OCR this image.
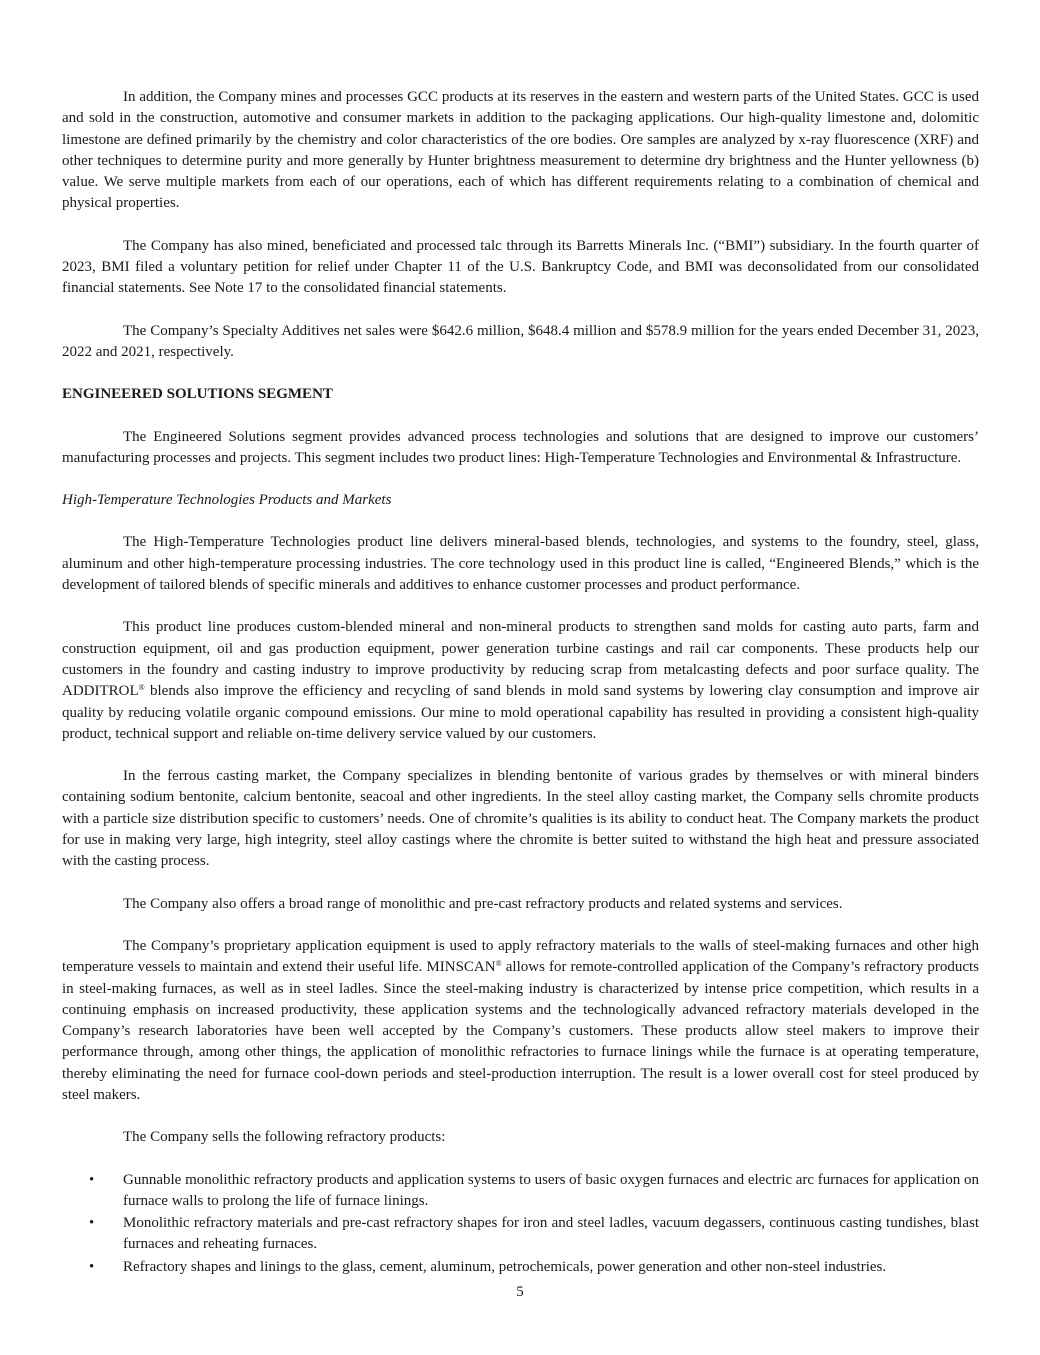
In addition, the Company mines and processes GCC products at its reserves in the eastern and western parts of the United States. GCC is used and sold in the construction, automotive and consumer markets in addition to the packaging applications. Our high-quality limestone and, dolomitic limestone are defined primarily by the chemistry and color characteristics of the ore bodies. Ore samples are analyzed by x-ray fluorescence (XRF) and other techniques to determine purity and more generally by Hunter brightness measurement to determine dry brightness and the Hunter yellowness (b) value. We serve multiple markets from each of our operations, each of which has different requirements relating to a combination of chemical and physical properties.

The Company has also mined, beneficiated and processed talc through its Barretts Minerals Inc. (“BMI”) subsidiary. In the fourth quarter of 2023, BMI filed a voluntary petition for relief under Chapter 11 of the U.S. Bankruptcy Code, and BMI was deconsolidated from our consolidated financial statements. See Note 17 to the consolidated financial statements.

The Company’s Specialty Additives net sales were $642.6 million, $648.4 million and $578.9 million for the years ended December 31, 2023, 2022 and 2021, respectively.

ENGINEERED SOLUTIONS SEGMENT

The Engineered Solutions segment provides advanced process technologies and solutions that are designed to improve our customers’ manufacturing processes and projects. This segment includes two product lines: High-Temperature Technologies and Environmental & Infrastructure.

High-Temperature Technologies Products and Markets

The High-Temperature Technologies product line delivers mineral-based blends, technologies, and systems to the foundry, steel, glass, aluminum and other high-temperature processing industries. The core technology used in this product line is called, “Engineered Blends,” which is the development of tailored blends of specific minerals and additives to enhance customer processes and product performance.

This product line produces custom-blended mineral and non-mineral products to strengthen sand molds for casting auto parts, farm and construction equipment, oil and gas production equipment, power generation turbine castings and rail car components. These products help our customers in the foundry and casting industry to improve productivity by reducing scrap from metalcasting defects and poor surface quality. The ADDITROL® blends also improve the efficiency and recycling of sand blends in mold sand systems by lowering clay consumption and improve air quality by reducing volatile organic compound emissions. Our mine to mold operational capability has resulted in providing a consistent high-quality product, technical support and reliable on-time delivery service valued by our customers.

In the ferrous casting market, the Company specializes in blending bentonite of various grades by themselves or with mineral binders containing sodium bentonite, calcium bentonite, seacoal and other ingredients. In the steel alloy casting market, the Company sells chromite products with a particle size distribution specific to customers’ needs. One of chromite’s qualities is its ability to conduct heat. The Company markets the product for use in making very large, high integrity, steel alloy castings where the chromite is better suited to withstand the high heat and pressure associated with the casting process.

The Company also offers a broad range of monolithic and pre-cast refractory products and related systems and services.

The Company’s proprietary application equipment is used to apply refractory materials to the walls of steel-making furnaces and other high temperature vessels to maintain and extend their useful life. MINSCAN® allows for remote-controlled application of the Company’s refractory products in steel-making furnaces, as well as in steel ladles. Since the steel-making industry is characterized by intense price competition, which results in a continuing emphasis on increased productivity, these application systems and the technologically advanced refractory materials developed in the Company’s research laboratories have been well accepted by the Company’s customers. These products allow steel makers to improve their performance through, among other things, the application of monolithic refractories to furnace linings while the furnace is at operating temperature, thereby eliminating the need for furnace cool-down periods and steel-production interruption. The result is a lower overall cost for steel produced by steel makers.

The Company sells the following refractory products:

• Gunnable monolithic refractory products and application systems to users of basic oxygen furnaces and electric arc furnaces for application on furnace walls to prolong the life of furnace linings.
• Monolithic refractory materials and pre-cast refractory shapes for iron and steel ladles, vacuum degassers, continuous casting tundishes, blast furnaces and reheating furnaces.
• Refractory shapes and linings to the glass, cement, aluminum, petrochemicals, power generation and other non-steel industries.
5
